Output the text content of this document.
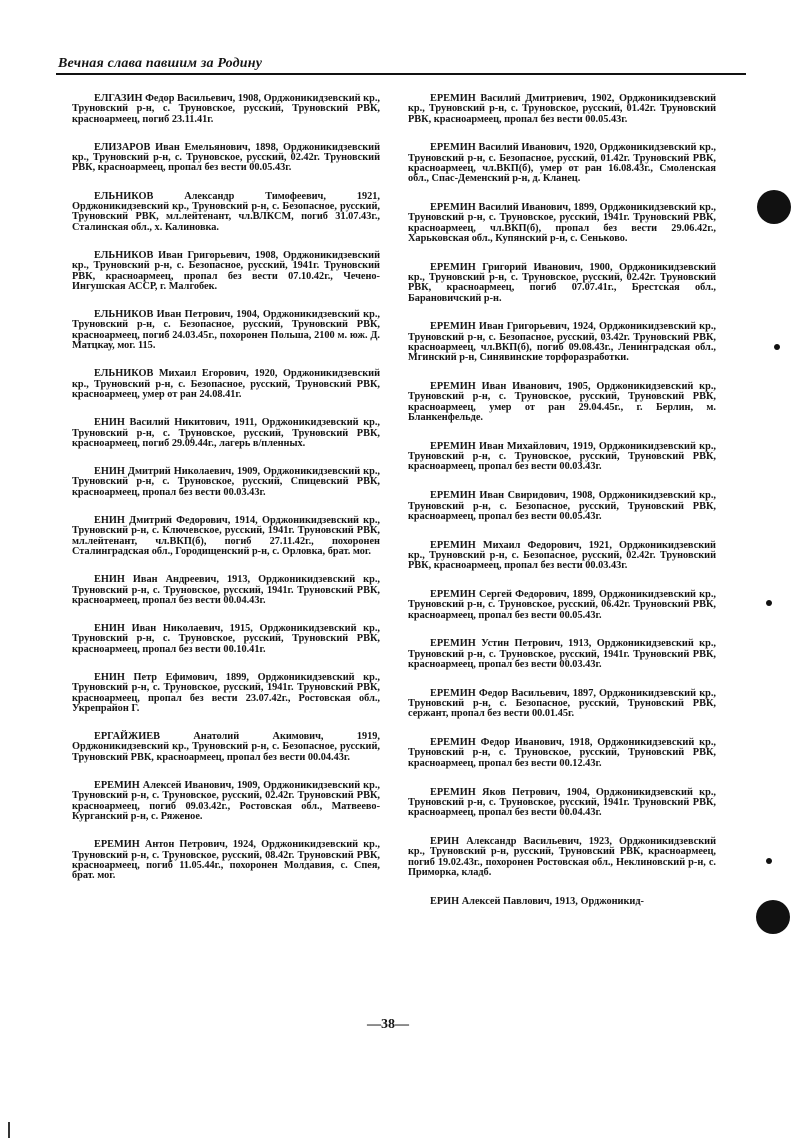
Вечная слава павшим за Родину

ЕЛГАЗИН Федор Васильевич, 1908, Орджоникидзевский кр., Труновский р-н, с. Труновское, русский, Труновский РВК, красноармеец, погиб 23.11.41г.

ЕЛИЗАРОВ Иван Емельянович, 1898, Орджоникидзевский кр., Труновский р-н, с. Труновское, русский, 02.42г. Труновский РВК, красноармеец, пропал без вести 00.05.43г.

ЕЛЬНИКОВ Александр Тимофеевич, 1921, Орджоникидзевский кр., Труновский р-н, с. Безопасное, русский, Труновский РВК, мл.лейтенант, чл.ВЛКСМ, погиб 31.07.43г., Сталинская обл., х. Калиновка.

ЕЛЬНИКОВ Иван Григорьевич, 1908, Орджоникидзевский кр., Труновский р-н, с. Безопасное, русский, 1941г. Труновский РВК, красноармеец, пропал без вести 07.10.42г., Чечено-Ингушская АССР, г. Малгобек.

ЕЛЬНИКОВ Иван Петрович, 1904, Орджоникидзевский кр., Труновский р-н, с. Безопасное, русский, Труновский РВК, красноармеец, погиб 24.03.45г., похоронен Польша, 2100 м. юж. Д. Матцкау, мог. 115.

ЕЛЬНИКОВ Михаил Егорович, 1920, Орджоникидзевский кр., Труновский р-н, с. Безопасное, русский, Труновский РВК, красноармеец, умер от ран 24.08.41г.

ЕНИН Василий Никитович, 1911, Орджоникидзевский кр., Труновский р-н, с. Труновское, русский, Труновский РВК, красноармеец, погиб 29.09.44г., лагерь в/пленных.

ЕНИН Дмитрий Николаевич, 1909, Орджоникидзевский кр., Труновский р-н, с. Труновское, русский, Спицевский РВК, красноармеец, пропал без вести 00.03.43г.

ЕНИН Дмитрий Федорович, 1914, Орджоникидзевский кр., Труновский р-н, с. Ключевское, русский, 1941г. Труновский РВК, мл.лейтенант, чл.ВКП(б), погиб 27.11.42г., похоронен Сталинградская обл., Городищенский р-н, с. Орловка, брат. мог.

ЕНИН Иван Андреевич, 1913, Орджоникидзевский кр., Труновский р-н, с. Труновское, русский, 1941г. Труновский РВК, красноармеец, пропал без вести 00.04.43г.

ЕНИН Иван Николаевич, 1915, Орджоникидзевский кр., Труновский р-н, с. Труновское, русский, Труновский РВК, красноармеец, пропал без вести 00.10.41г.

ЕНИН Петр Ефимович, 1899, Орджоникидзевский кр., Труновский р-н, с. Труновское, русский, 1941г. Труновский РВК, красноармеец, пропал без вести 23.07.42г., Ростовская обл., Укрепрайон Г.

ЕРГАЙЖИЕВ Анатолий Акимович, 1919, Орджоникидзевский кр., Труновский р-н, с. Безопасное, русский, Труновский РВК, красноармеец, пропал без вести 00.04.43г.

ЕРЕМИН Алексей Иванович, 1909, Орджоникидзевский кр., Труновский р-н, с. Труновское, русский, 02.42г. Труновский РВК, красноармеец, погиб 09.03.42г., Ростовская обл., Матвеево-Курганский р-н, с. Ряженое.

ЕРЕМИН Антон Петрович, 1924, Орджоникидзевский кр., Труновский р-н, с. Труновское, русский, 08.42г. Труновский РВК, красноармеец, погиб 11.05.44г., похоронен Молдавия, с. Спея, брат. мог.

ЕРЕМИН Василий Дмитриевич, 1902, Орджоникидзевский кр., Труновский р-н, с. Труновское, русский, 01.42г. Труновский РВК, красноармеец, пропал без вести 00.05.43г.

ЕРЕМИН Василий Иванович, 1920, Орджоникидзевский кр., Труновский р-н, с. Безопасное, русский, 01.42г. Труновский РВК, красноармеец, чл.ВКП(б), умер от ран 16.08.43г., Смоленская обл., Спас-Деменский р-н, д. Кланец.

ЕРЕМИН Василий Иванович, 1899, Орджоникидзевский кр., Труновский р-н, с. Труновское, русский, 1941г. Труновский РВК, красноармеец, чл.ВКП(б), пропал без вести 29.06.42г., Харьковская обл., Купянский р-н, с. Сеньково.

ЕРЕМИН Григорий Иванович, 1900, Орджоникидзевский кр., Труновский р-н, с. Труновское, русский, 02.42г. Труновский РВК, красноармеец, погиб 07.07.41г., Брестская обл., Барановичский р-н.

ЕРЕМИН Иван Григорьевич, 1924, Орджоникидзевский кр., Труновский р-н, с. Безопасное, русский, 03.42г. Труновский РВК, красноармеец, чл.ВКП(б), погиб 09.08.43г., Ленинградская обл., Мгинский р-н, Синявинские торфоразработки.

ЕРЕМИН Иван Иванович, 1905, Орджоникидзевский кр., Труновский р-н, с. Труновское, русский, Труновский РВК, красноармеец, умер от ран 29.04.45г., г. Берлин, м. Бланкенфельде.

ЕРЕМИН Иван Михайлович, 1919, Орджоникидзевский кр., Труновский р-н, с. Труновское, русский, Труновский РВК, красноармеец, пропал без вести 00.03.43г.

ЕРЕМИН Иван Свиридович, 1908, Орджоникидзевский кр., Труновский р-н, с. Безопасное, русский, Труновский РВК, красноармеец, пропал без вести 00.05.43г.

ЕРЕМИН Михаил Федорович, 1921, Орджоникидзевский кр., Труновский р-н, с. Безопасное, русский, 02.42г. Труновский РВК, красноармеец, пропал без вести 00.03.43г.

ЕРЕМИН Сергей Федорович, 1899, Орджоникидзевский кр., Труновский р-н, с. Труновское, русский, 06.42г. Труновский РВК, красноармеец, пропал без вести 00.05.43г.

ЕРЕМИН Устин Петрович, 1913, Орджоникидзевский кр., Труновский р-н, с. Труновское, русский, 1941г. Труновский РВК, красноармеец, пропал без вести 00.03.43г.

ЕРЕМИН Федор Васильевич, 1897, Орджоникидзевский кр., Труновский р-н, с. Безопасное, русский, Труновский РВК, сержант, пропал без вести 00.01.45г.

ЕРЕМИН Федор Иванович, 1918, Орджоникидзевский кр., Труновский р-н, с. Труновское, русский, Труновский РВК, красноармеец, пропал без вести 00.12.43г.

ЕРЕМИН Яков Петрович, 1904, Орджоникидзевский кр., Труновский р-н, с. Труновское, русский, 1941г. Труновский РВК, красноармеец, пропал без вести 00.04.43г.

ЕРИН Александр Васильевич, 1923, Орджоникидзевский кр., Труновский р-н, русский, Труновский РВК, красноармеец, погиб 19.02.43г., похоронен Ростовская обл., Неклиновский р-н, с. Приморка, кладб.

ЕРИН Алексей Павлович, 1913, Орджоникид-

—38—
